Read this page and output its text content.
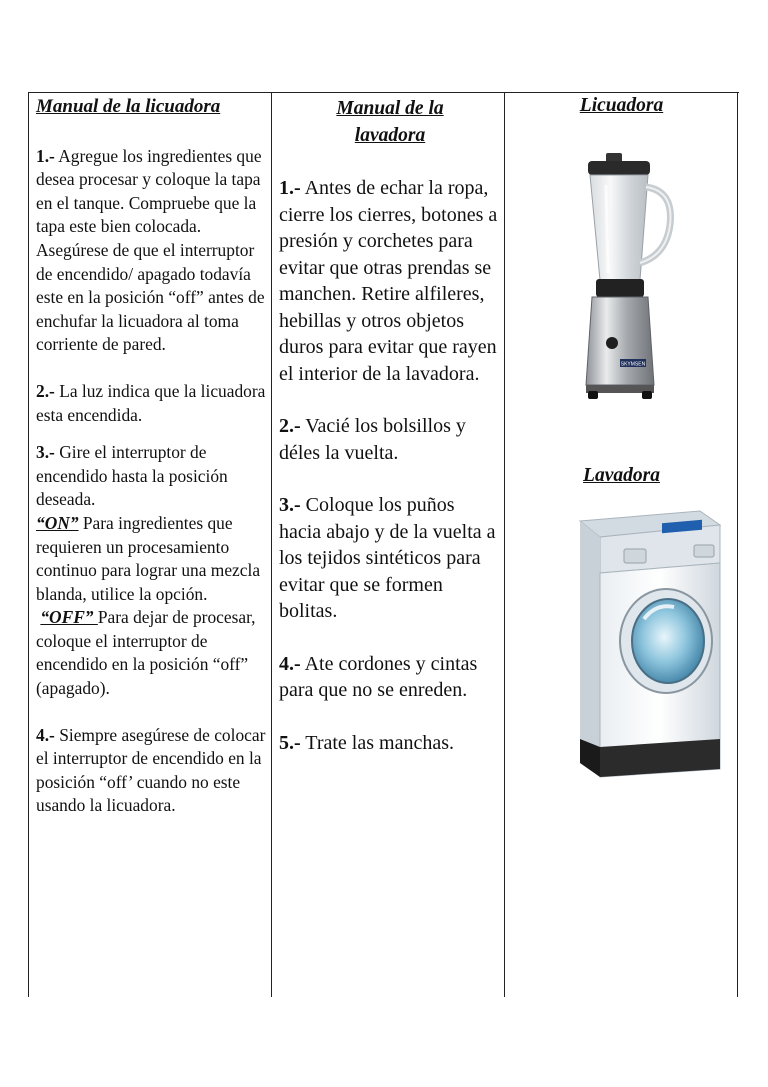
Manual de la licuadora

1.- Agregue los ingredientes que desea procesar y coloque la tapa en el tanque. Compruebe que la tapa este bien colocada. Asegúrese de que el interruptor de encendido/ apagado todavía este en la posición “off” antes de enchufar la licuadora al toma corriente de pared.

2.- La luz indica que la licuadora esta encendida.

3.- Gire el interruptor de encendido hasta la posición deseada.

“ON” Para ingredientes que requieren un procesamiento continuo para lograr una mezcla blanda, utilice la opción.

“OFF” Para dejar de procesar, coloque el interruptor de encendido en la posición “off” (apagado).

4.- Siempre asegúrese de colocar el interruptor de encendido en la posición “off’ cuando no este usando la licuadora.

Manual de la lavadora

1.- Antes de echar la ropa, cierre los cierres, botones a presión y corchetes para evitar que otras prendas se manchen. Retire alfileres, hebillas y otros objetos duros para evitar que rayen el interior de la lavadora.

2.- Vacié los bolsillos y déles la vuelta.

3.- Coloque los puños hacia abajo y de la vuelta a los tejidos sintéticos para evitar que se formen bolitas.

4.- Ate cordones y cintas para que no se enreden.

5.- Trate las manchas.

Licuadora
SKYMSEN
Lavadora
